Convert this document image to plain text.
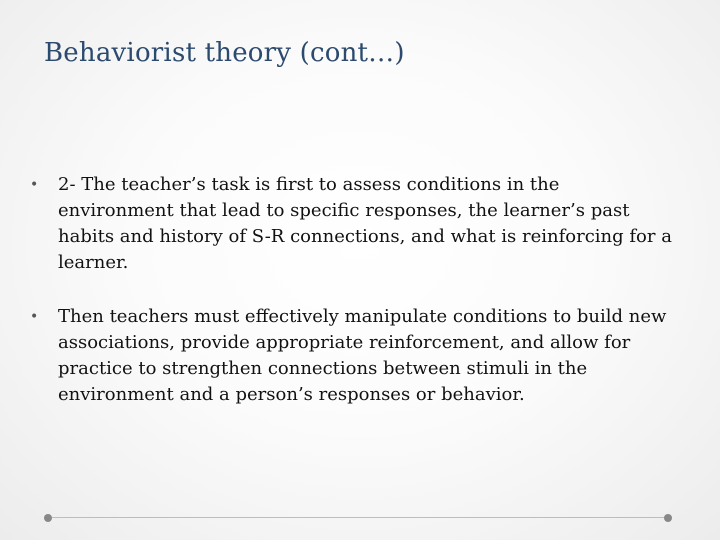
Behaviorist theory (cont…)
•	2- The teacher’s task is first to assess conditions in the environment that lead to specific responses, the learner’s past habits and history of S-R connections, and what is reinforcing for a learner.
•	Then teachers must effectively manipulate conditions to build new associations, provide appropriate reinforcement, and allow for practice to strengthen connections between stimuli in the environment and a person’s responses or behavior.
